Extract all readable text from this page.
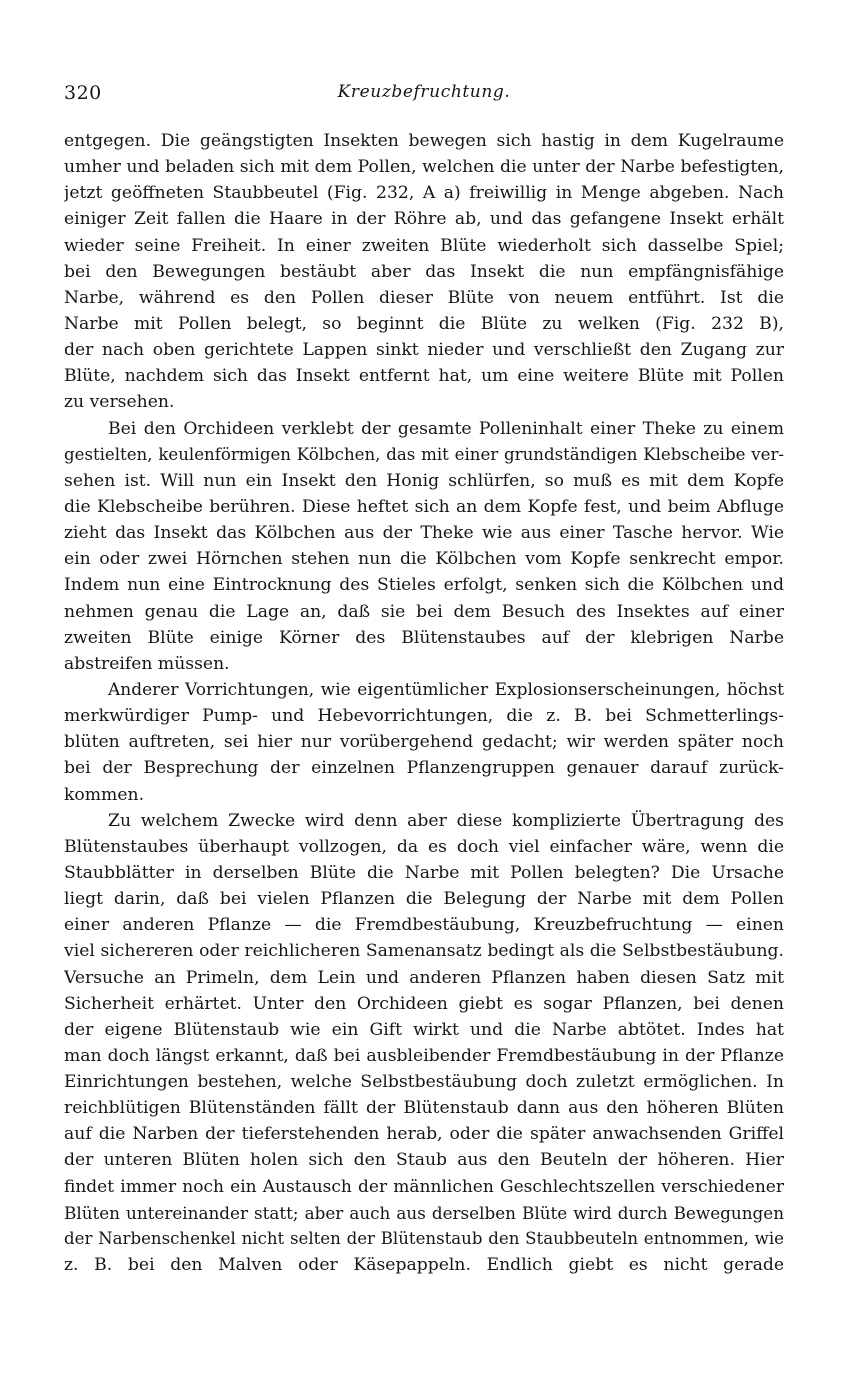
320	Kreuzbefruchtung.
entgegen. Die geängstigten Insekten bewegen sich hastig in dem Kugelraume
umher und beladen sich mit dem Pollen, welchen die unter der Narbe befestigten,
jetzt geöffneten Staubbeutel (Fig. 232, A a) freiwillig in Menge abgeben. Nach
einiger Zeit fallen die Haare in der Röhre ab, und das gefangene Insekt erhält
wieder seine Freiheit. In einer zweiten Blüte wiederholt sich dasselbe Spiel;
bei den Bewegungen bestäubt aber das Insekt die nun empfängnisfähige
Narbe, während es den Pollen dieser Blüte von neuem entführt. Ist die
Narbe mit Pollen belegt, so beginnt die Blüte zu welken (Fig. 232 B),
der nach oben gerichtete Lappen sinkt nieder und verschließt den Zugang zur
Blüte, nachdem sich das Insekt entfernt hat, um eine weitere Blüte mit Pollen
zu versehen.
Bei den Orchideen verklebt der gesamte Polleninhalt einer Theke zu einem
gestielten, keulenförmigen Kölbchen, das mit einer grundständigen Klebscheibe ver-
sehen ist. Will nun ein Insekt den Honig schlürfen, so muß es mit dem Kopfe
die Klebscheibe berühren. Diese heftet sich an dem Kopfe fest, und beim Abfluge
zieht das Insekt das Kölbchen aus der Theke wie aus einer Tasche hervor. Wie
ein oder zwei Hörnchen stehen nun die Kölbchen vom Kopfe senkrecht empor.
Indem nun eine Eintrocknung des Stieles erfolgt, senken sich die Kölbchen und
nehmen genau die Lage an, daß sie bei dem Besuch des Insektes auf einer
zweiten Blüte einige Körner des Blütenstaubes auf der klebrigen Narbe
abstreifen müssen.
Anderer Vorrichtungen, wie eigentümlicher Explosionserscheinungen, höchst
merkwürdiger Pump- und Hebevorrichtungen, die z. B. bei Schmetterlings-
blüten auftreten, sei hier nur vorübergehend gedacht; wir werden später noch
bei der Besprechung der einzelnen Pflanzengruppen genauer darauf zurück-
kommen.
Zu welchem Zwecke wird denn aber diese komplizierte Übertragung des
Blütenstaubes überhaupt vollzogen, da es doch viel einfacher wäre, wenn die
Staubblätter in derselben Blüte die Narbe mit Pollen belegten? Die Ursache
liegt darin, daß bei vielen Pflanzen die Belegung der Narbe mit dem Pollen
einer anderen Pflanze — die Fremdbestäubung, Kreuzbefruchtung — einen
viel sichereren oder reichlicheren Samenansatz bedingt als die Selbstbestäubung.
Versuche an Primeln, dem Lein und anderen Pflanzen haben diesen Satz mit
Sicherheit erhärtet. Unter den Orchideen giebt es sogar Pflanzen, bei denen
der eigene Blütenstaub wie ein Gift wirkt und die Narbe abtötet. Indes hat
man doch längst erkannt, daß bei ausbleibender Fremdbestäubung in der Pflanze
Einrichtungen bestehen, welche Selbstbestäubung doch zuletzt ermöglichen. In
reichblütigen Blütenständen fällt der Blütenstaub dann aus den höheren Blüten
auf die Narben der tieferstehenden herab, oder die später anwachsenden Griffel
der unteren Blüten holen sich den Staub aus den Beuteln der höheren. Hier
findet immer noch ein Austausch der männlichen Geschlechtszellen verschiedener
Blüten untereinander statt; aber auch aus derselben Blüte wird durch Bewegungen
der Narbenschenkel nicht selten der Blütenstaub den Staubbeuteln entnommen, wie
z. B. bei den Malven oder Käsepappeln. Endlich giebt es nicht gerade
